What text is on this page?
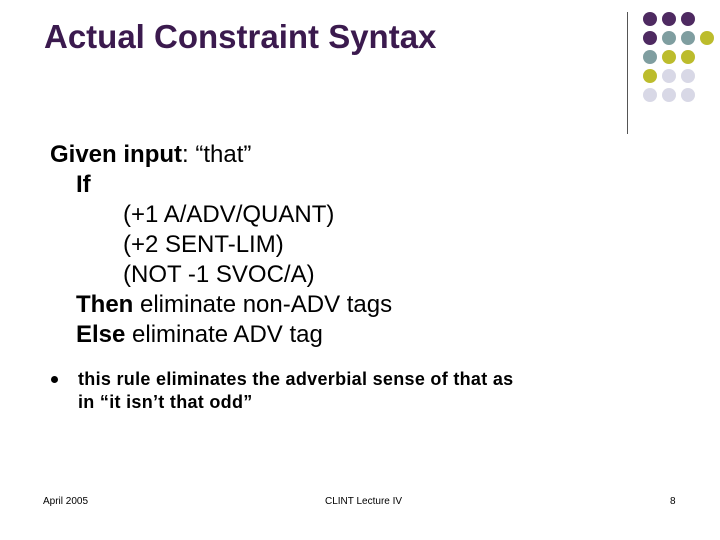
Actual Constraint Syntax
Given input: “that”
If
(+1 A/ADV/QUANT)
(+2 SENT-LIM)
(NOT -1 SVOC/A)
Then eliminate non-ADV tags
Else eliminate ADV tag
this rule eliminates the adverbial sense of that as
in “it isn’t that odd”
April 2005	CLINT Lecture IV	8
